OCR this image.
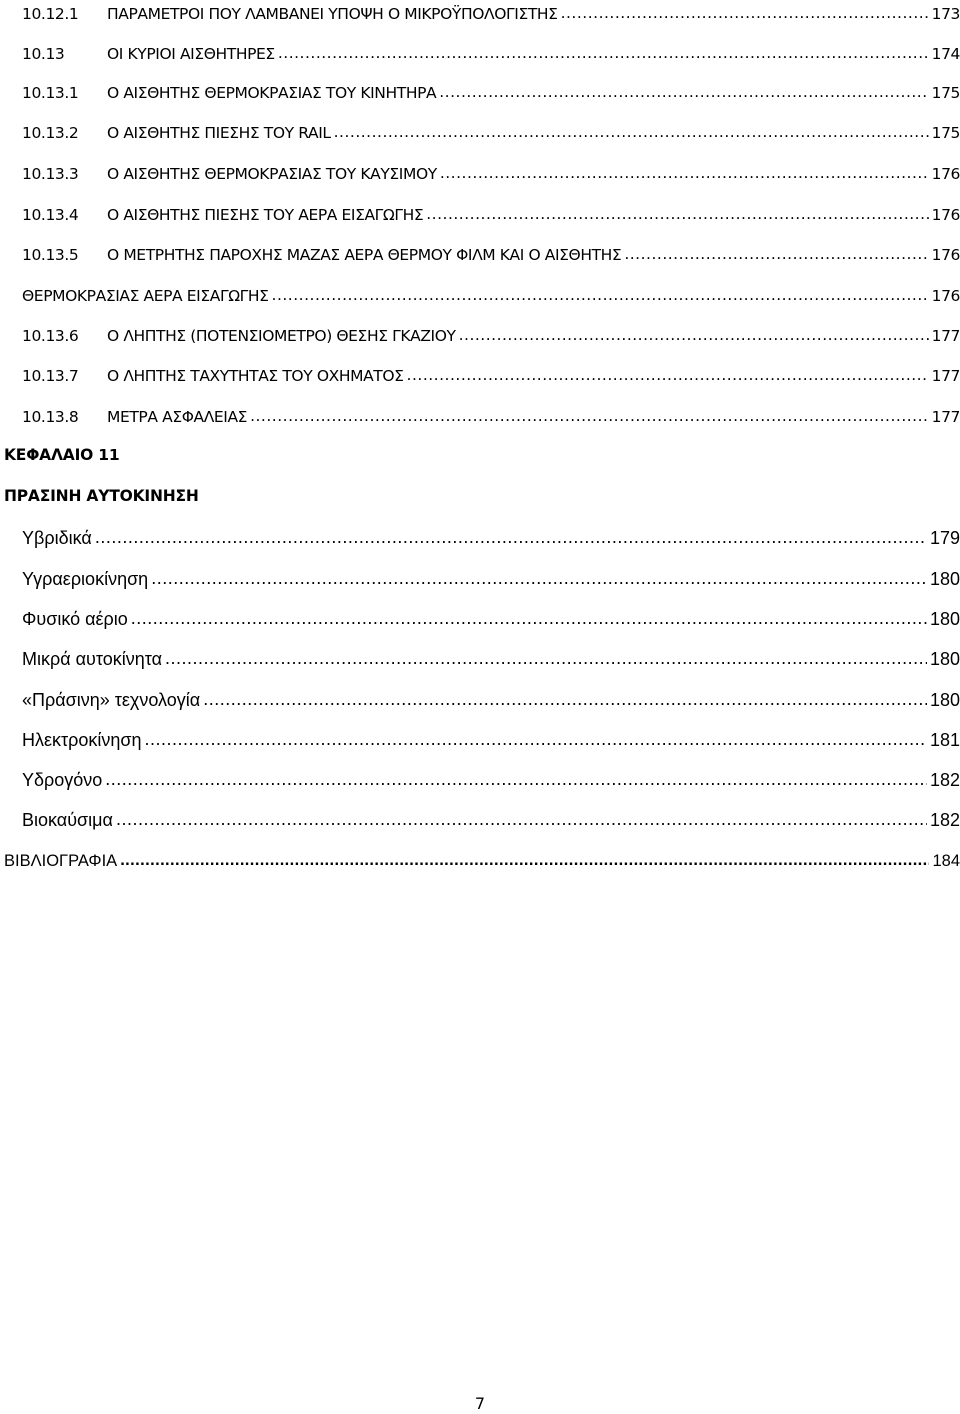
10.12.1	ΠΑΡΑΜΕΤΡΟΙ ΠΟΥ ΛΑΜΒΑΝΕΙ ΥΠΟΨΗ Ο ΜΙΚΡΟΫΠΟΛΟΓΙΣΤΗΣ .....	173
10.13	ΟΙ ΚΥΡΙΟΙ ΑΙΣΘΗΤΗΡΕΣ .....	174
10.13.1	Ο ΑΙΣΘΗΤΗΣ ΘΕΡΜΟΚΡΑΣΙΑΣ ΤΟΥ ΚΙΝΗΤΗΡΑ .....	175
10.13.2	Ο ΑΙΣΘΗΤΗΣ ΠΙΕΣΗΣ ΤΟΥ RAIL .....	175
10.13.3	Ο ΑΙΣΘΗΤΗΣ ΘΕΡΜΟΚΡΑΣΙΑΣ ΤΟΥ ΚΑΥΣΙΜΟΥ .....	176
10.13.4	Ο ΑΙΣΘΗΤΗΣ ΠΙΕΣΗΣ ΤΟΥ ΑΕΡΑ ΕΙΣΑΓΩΓΗΣ .....	176
10.13.5	Ο ΜΕΤΡΗΤΗΣ ΠΑΡΟΧΗΣ ΜΑΖΑΣ ΑΕΡΑ ΘΕΡΜΟΥ ΦΙΛΜ ΚΑΙ Ο ΑΙΣΘΗΤΗΣ .....	176
ΘΕΡΜΟΚΡΑΣΙΑΣ ΑΕΡΑ ΕΙΣΑΓΩΓΗΣ .....	176
10.13.6	Ο ΛΗΠΤΗΣ (ΠΟΤΕΝΣΙΟΜΕΤΡΟ) ΘΕΣΗΣ ΓΚΑΖΙΟΥ .....	177
10.13.7	Ο ΛΗΠΤΗΣ ΤΑΧΥΤΗΤΑΣ ΤΟΥ ΟΧΗΜΑΤΟΣ .....	177
10.13.8	ΜΕΤΡΑ ΑΣΦΑΛΕΙΑΣ .....	177
ΚΕΦΑΛΑΙΟ 11
ΠΡΑΣΙΝΗ ΑΥΤΟΚΙΝΗΣΗ
Υβριδικά .....	179
Υγραεριοκίνηση .....	180
Φυσικό αέριο .....	180
Μικρά αυτοκίνητα .....	180
«Πράσινη» τεχνολογία .....	180
Ηλεκτροκίνηση .....	181
Υδρογόνο .....	182
Βιοκαύσιμα .....	182
ΒΙΒΛΙΟΓΡΑΦΙΑ .....	184
7
